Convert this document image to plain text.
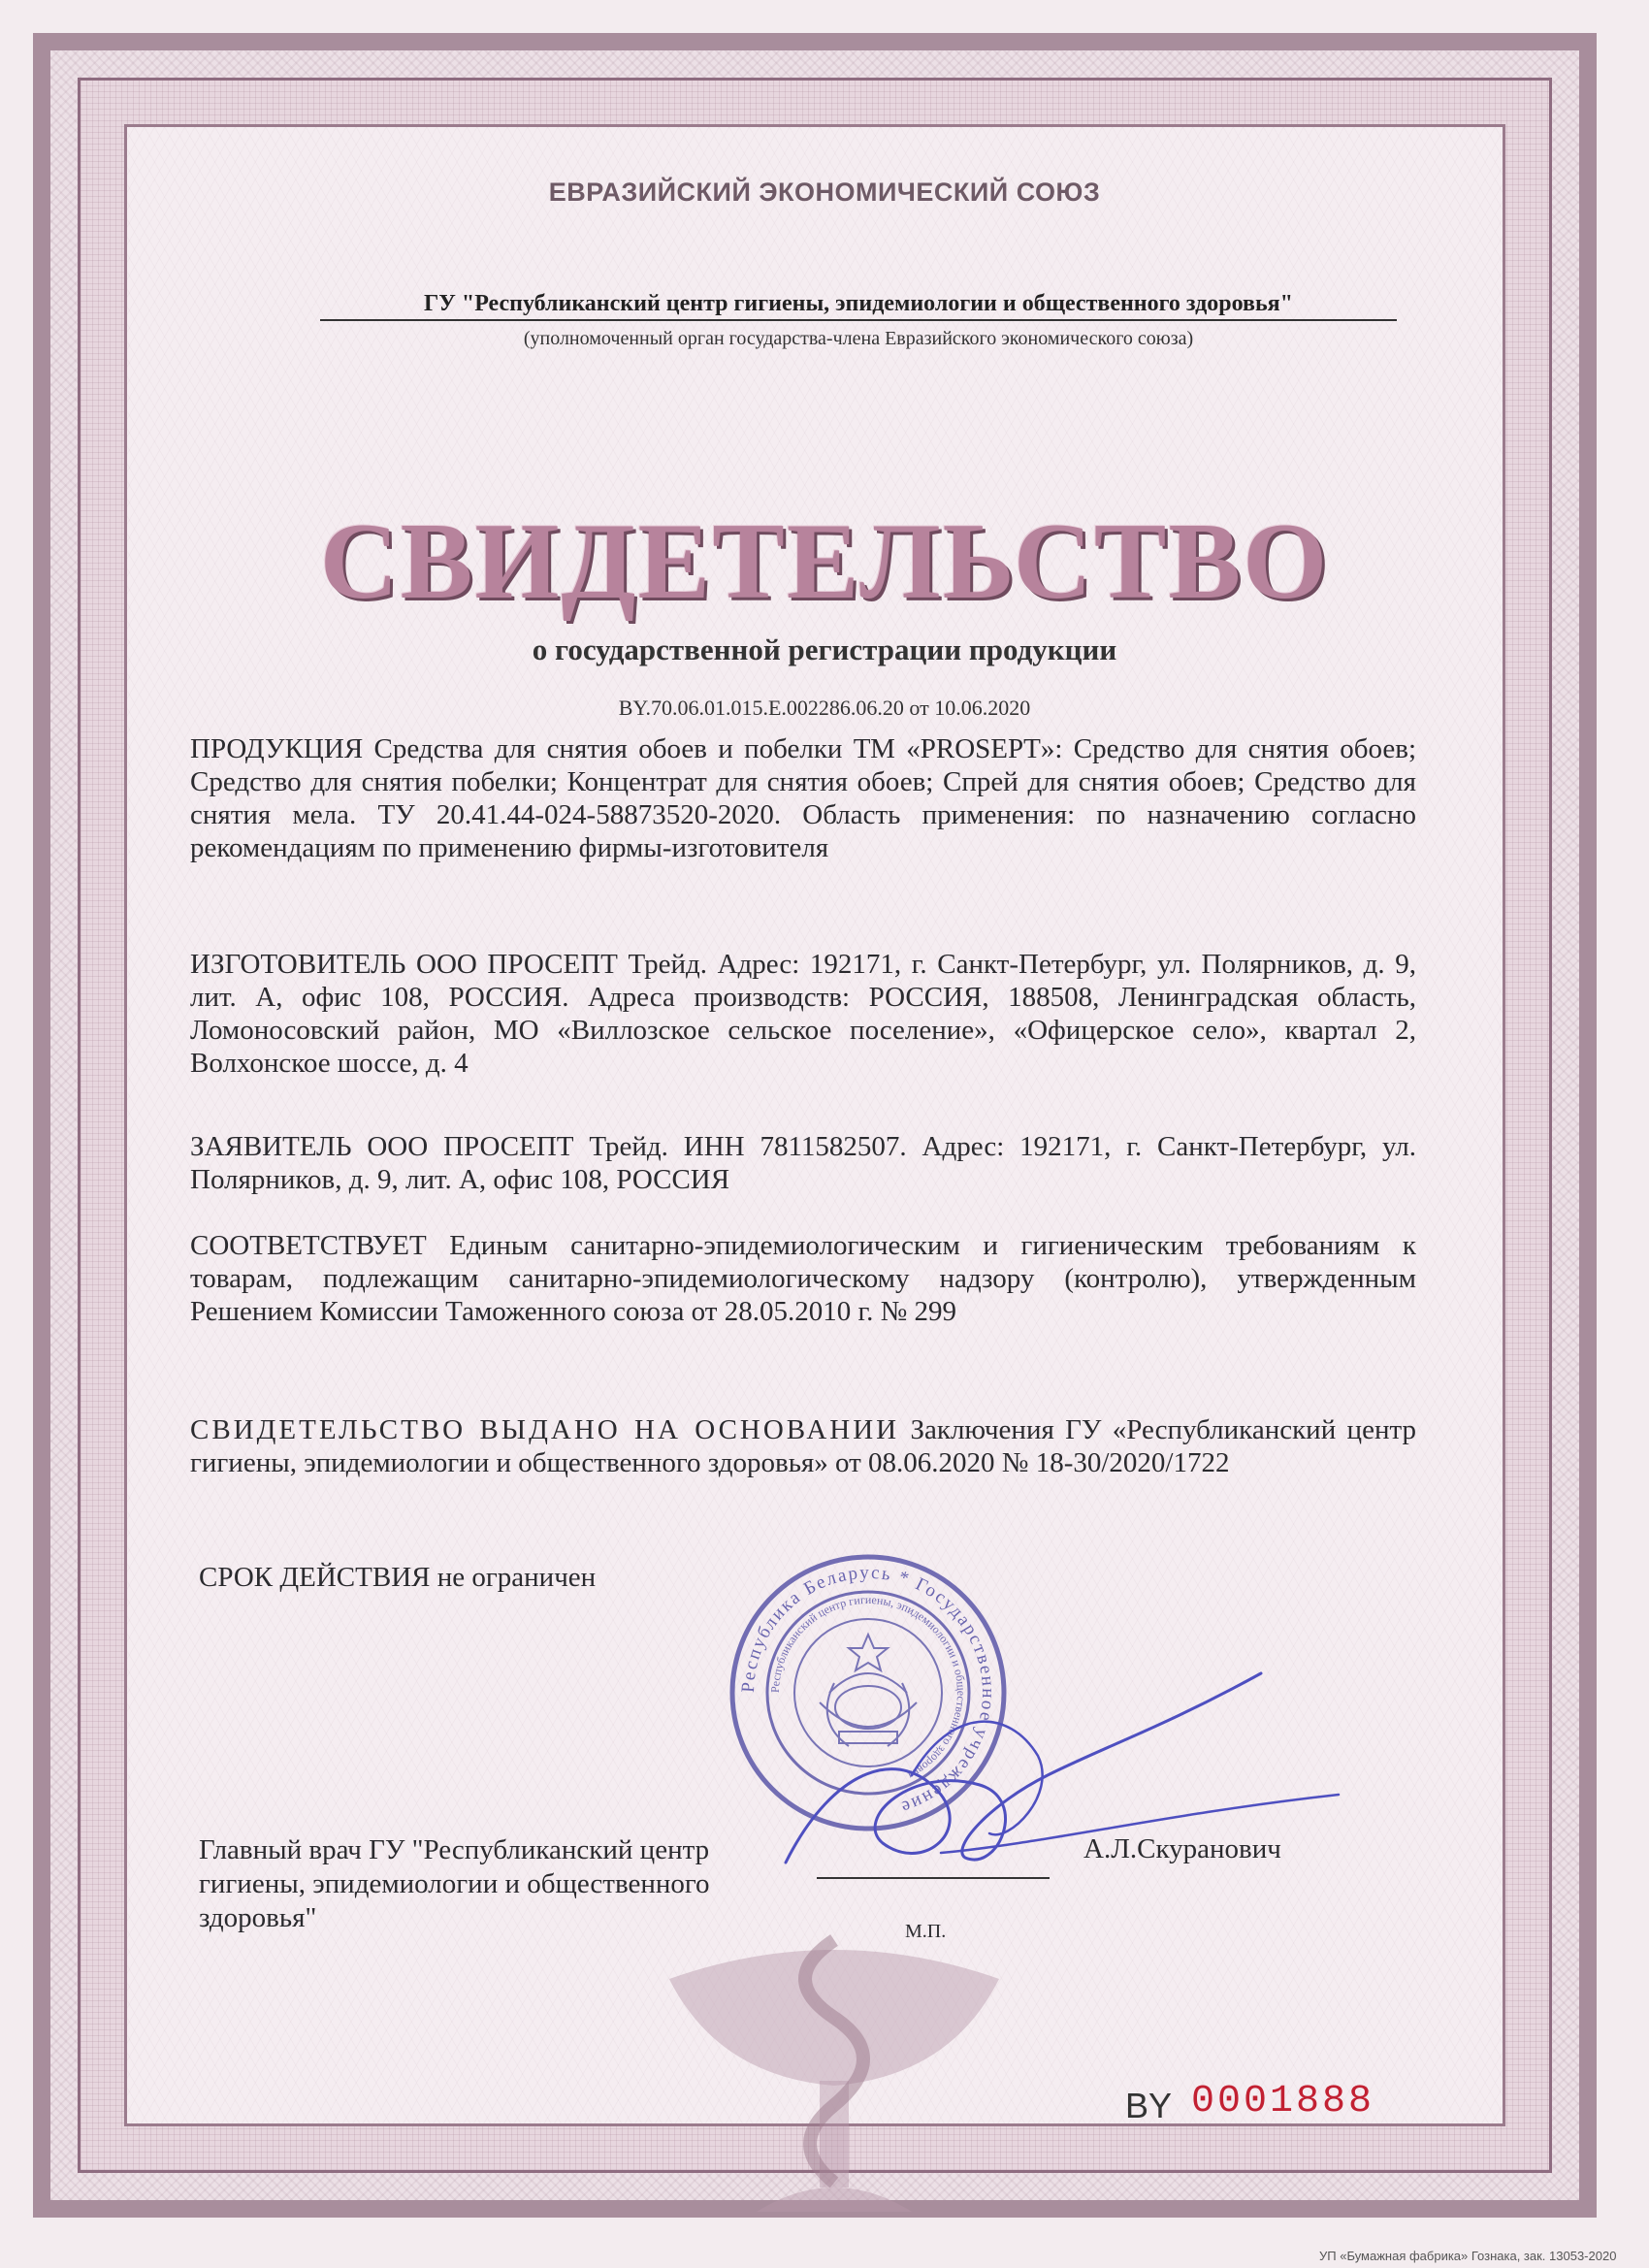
ЕВРАЗИЙСКИЙ ЭКОНОМИЧЕСКИЙ СОЮЗ
ГУ "Республиканский центр гигиены, эпидемиологии и общественного здоровья"
(уполномоченный орган государства-члена Евразийского экономического союза)
СВИДЕТЕЛЬСТВО
о государственной регистрации продукции
BY.70.06.01.015.E.002286.06.20 от 10.06.2020
ПРОДУКЦИЯ Средства для снятия обоев и побелки ТМ «PROSEPT»: Средство для снятия обоев; Средство для снятия побелки; Концентрат для снятия обоев; Спрей для снятия обоев; Средство для снятия мела. ТУ 20.41.44-024-58873520-2020. Область применения: по назначению согласно рекомендациям по применению фирмы-изготовителя
ИЗГОТОВИТЕЛЬ ООО ПРОСЕПТ Трейд. Адрес: 192171, г. Санкт-Петербург, ул. Полярников, д. 9, лит. А, офис 108, РОССИЯ. Адреса производств: РОССИЯ, 188508, Ленинградская область, Ломоносовский район, МО «Виллозское сельское поселение», «Офицерское село», квартал 2, Волхонское шоссе, д. 4
ЗАЯВИТЕЛЬ ООО ПРОСЕПТ Трейд. ИНН 7811582507. Адрес: 192171, г. Санкт-Петербург, ул. Полярников, д. 9, лит. А, офис 108, РОССИЯ
СООТВЕТСТВУЕТ Единым санитарно-эпидемиологическим и гигиеническим требованиям к товарам, подлежащим санитарно-эпидемиологическому надзору (контролю), утвержденным Решением Комиссии Таможенного союза от 28.05.2010 г. № 299
СВИДЕТЕЛЬСТВО ВЫДАНО НА ОСНОВАНИИ Заключения ГУ «Республиканский центр гигиены, эпидемиологии и общественного здоровья» от 08.06.2020 № 18-30/2020/1722
СРОК ДЕЙСТВИЯ не ограничен
Республика Беларусь * Государственное учреждение
Республиканский центр гигиены, эпидемиологии и общественного здоровья
Главный врач ГУ "Республиканский центр гигиены, эпидемиологии и общественного здоровья"
А.Л.Скуранович
М.П.
BY 0001888
УП «Бумажная фабрика» Гознака, зак. 13053-2020
